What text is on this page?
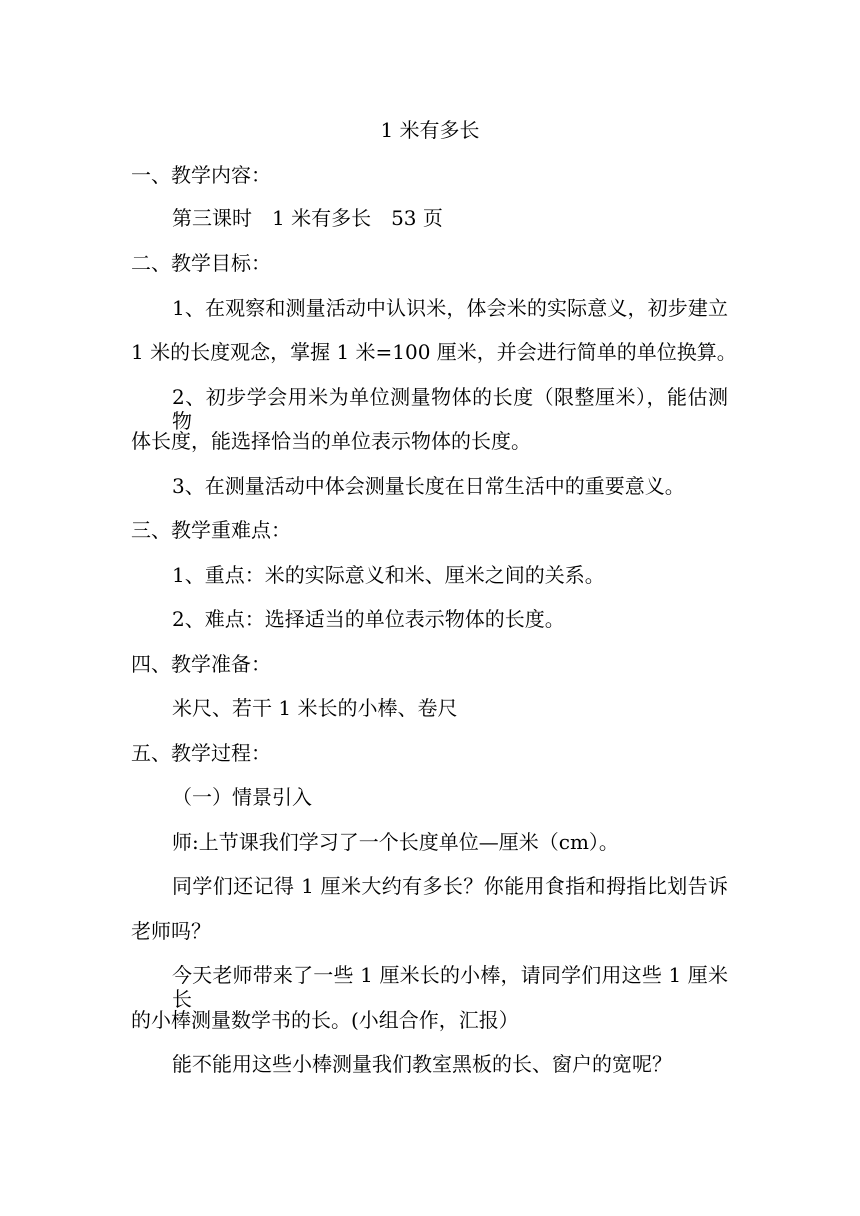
1 米有多长
一、教学内容：
第三课时　1 米有多长　53 页
二、教学目标：
1、在观察和测量活动中认识米，体会米的实际意义，初步建立
1 米的长度观念，掌握 1 米=100 厘米，并会进行简单的单位换算。
2、初步学会用米为单位测量物体的长度（限整厘米），能估测物
体长度，能选择恰当的单位表示物体的长度。
3、在测量活动中体会测量长度在日常生活中的重要意义。
三、教学重难点：
1、重点：米的实际意义和米、厘米之间的关系。
2、难点：选择适当的单位表示物体的长度。
四、教学准备：
米尺、若干 1 米长的小棒、卷尺
五、教学过程：
（一）情景引入
师:上节课我们学习了一个长度单位—厘米（cm）。
同学们还记得 1 厘米大约有多长？你能用食指和拇指比划告诉
老师吗？
今天老师带来了一些 1 厘米长的小棒，请同学们用这些 1 厘米长
的小棒测量数学书的长。(小组合作，汇报）
能不能用这些小棒测量我们教室黑板的长、窗户的宽呢？
